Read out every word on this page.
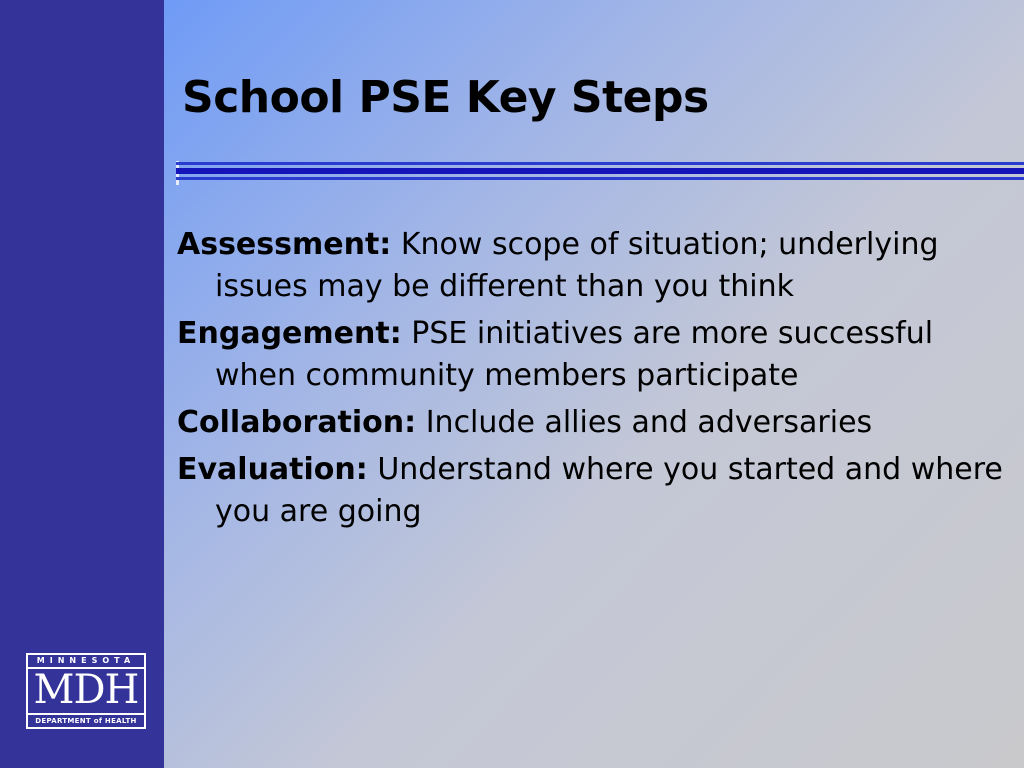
School PSE Key Steps
Assessment: Know scope of situation; underlying issues may be different than you think
Engagement: PSE initiatives are more successful when community members participate
Collaboration: Include allies and adversaries
Evaluation: Understand where you started and where you are going
MINNESOTA
MDH
DEPARTMENT of HEALTH
